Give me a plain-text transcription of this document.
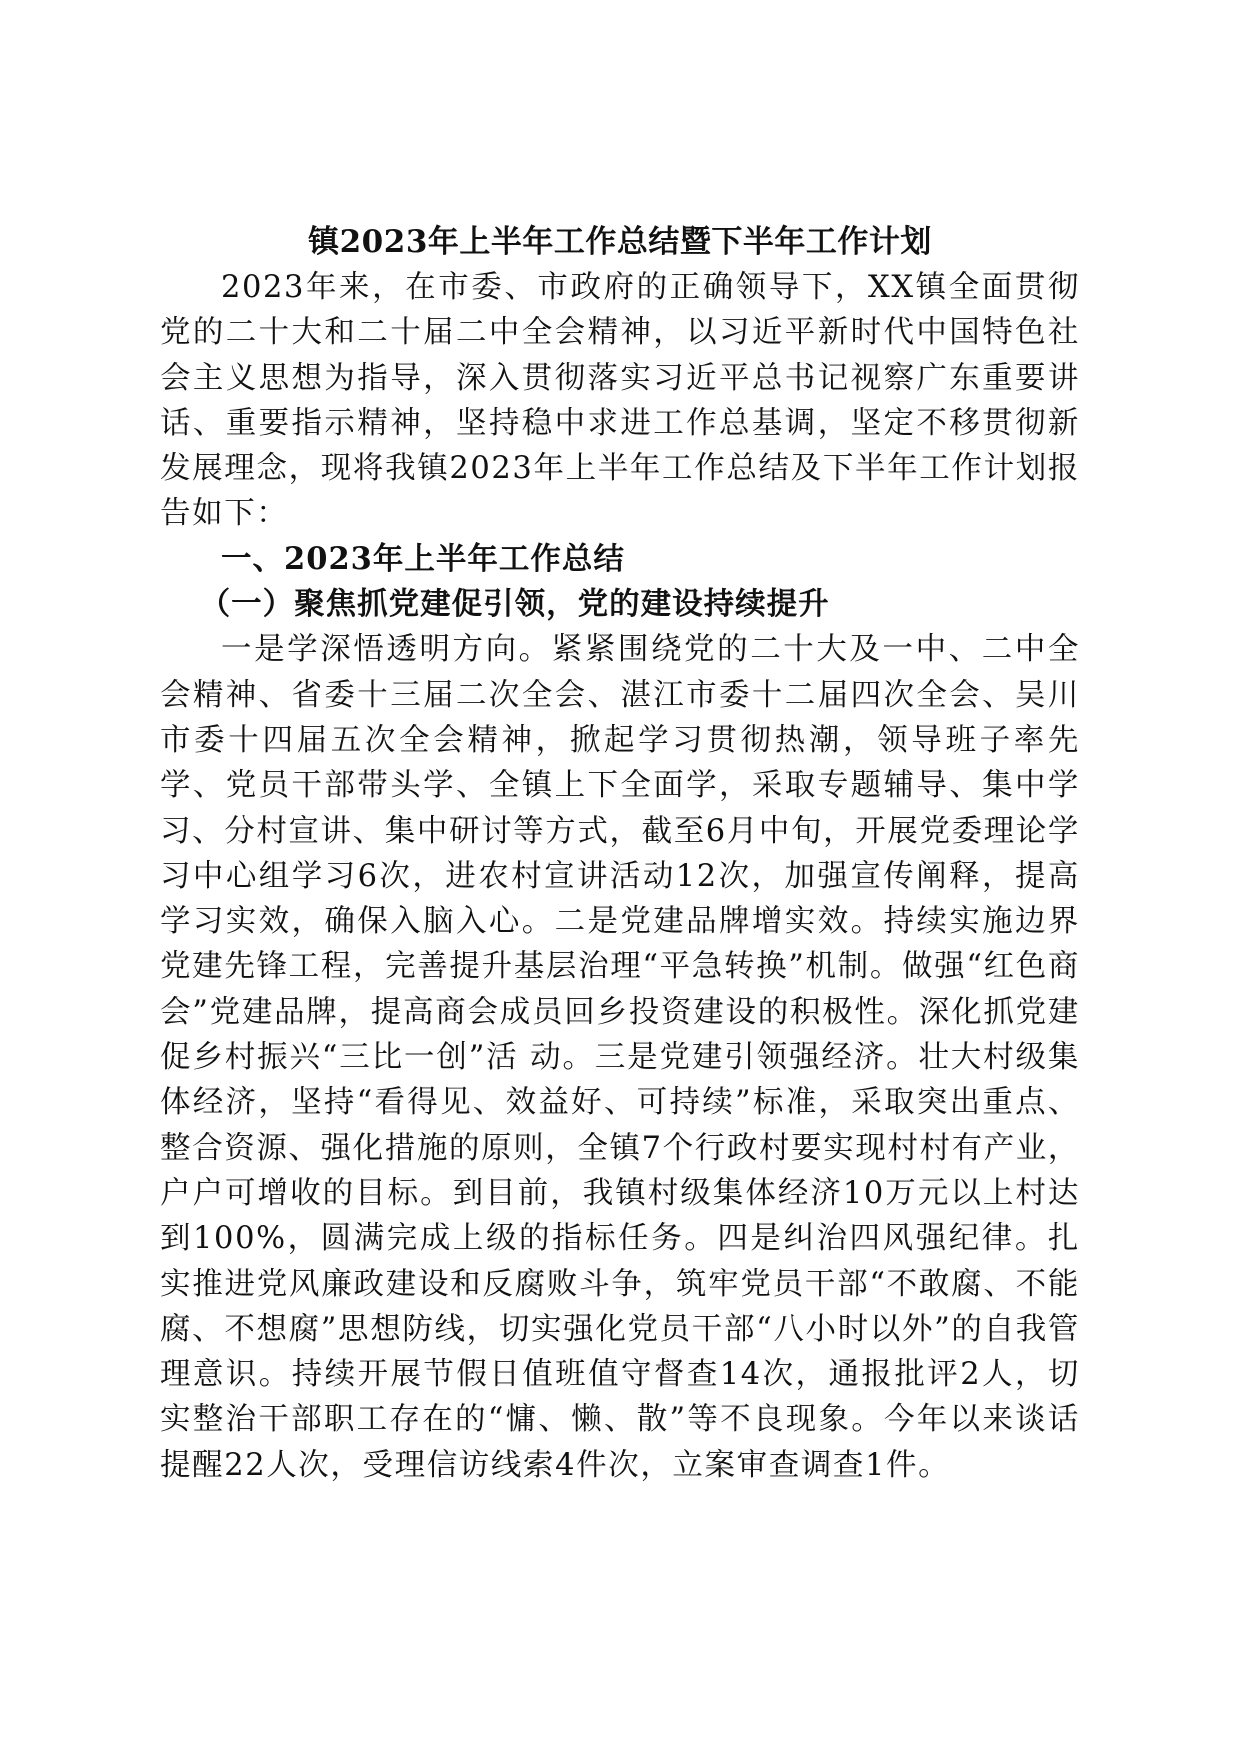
镇2023年上半年工作总结暨下半年工作计划

2023年来，在市委、市政府的正确领导下，XX镇全面贯彻党的二十大和二十届二中全会精神，以习近平新时代中国特色社会主义思想为指导，深入贯彻落实习近平总书记视察广东重要讲话、重要指示精神，坚持稳中求进工作总基调，坚定不移贯彻新发展理念，现将我镇2023年上半年工作总结及下半年工作计划报告如下：

一、2023年上半年工作总结

（一）聚焦抓党建促引领，党的建设持续提升

一是学深悟透明方向。紧紧围绕党的二十大及一中、二中全会精神、省委十三届二次全会、湛江市委十二届四次全会、吴川市委十四届五次全会精神，掀起学习贯彻热潮，领导班子率先学、党员干部带头学、全镇上下全面学，采取专题辅导、集中学习、分村宣讲、集中研讨等方式，截至6月中旬，开展党委理论学习中心组学习6次，进农村宣讲活动12次，加强宣传阐释，提高学习实效，确保入脑入心。二是党建品牌增实效。持续实施边界党建先锋工程，完善提升基层治理“平急转换”机制。做强“红色商会”党建品牌，提高商会成员回乡投资建设的积极性。深化抓党建促乡村振兴“三比一创”活 动。三是党建引领强经济。壮大村级集体经济，坚持“看得见、效益好、可持续”标准，采取突出重点、整合资源、强化措施的原则，全镇7个行政村要实现村村有产业，户户可增收的目标。到目前，我镇村级集体经济10万元以上村达到100%，圆满完成上级的指标任务。四是纠治四风强纪律。扎实推进党风廉政建设和反腐败斗争，筑牢党员干部“不敢腐、不能腐、不想腐”思想防线，切实强化党员干部“八小时以外”的自我管理意识。持续开展节假日值班值守督查14次，通报批评2人，切实整治干部职工存在的“慵、懒、散”等不良现象。今年以来谈话提醒22人次，受理信访线索4件次，立案审查调查1件。
